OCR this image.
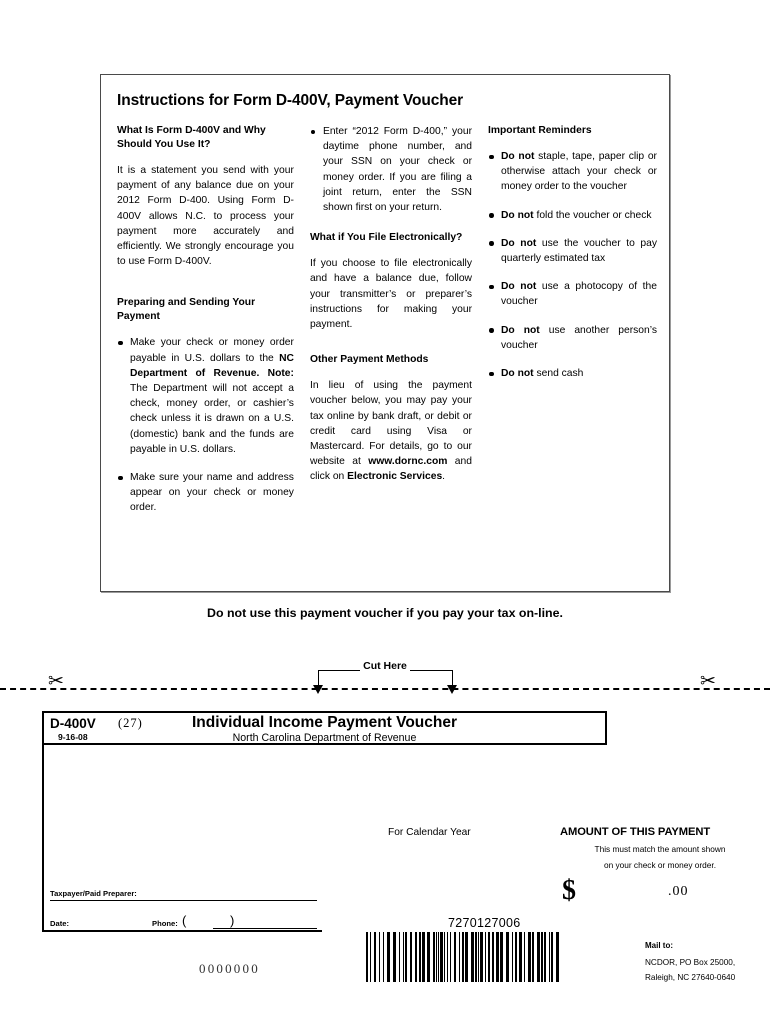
Instructions for Form D-400V, Payment Voucher
What Is Form D-400V and Why Should You Use It?
It is a statement you send with your payment of any balance due on your 2012 Form D-400. Using Form D-400V allows N.C. to process your payment more accurately and efficiently. We strongly encourage you to use Form D-400V.
Preparing and Sending Your Payment
Make your check or money order payable in U.S. dollars to the NC Department of Revenue. Note: The Department will not accept a check, money order, or cashier’s check unless it is drawn on a U.S. (domestic) bank and the funds are payable in U.S. dollars.
Make sure your name and address appear on your check or money order.
Enter “2012 Form D-400,” your daytime phone number, and your SSN on your check or money order. If you are filing a joint return, enter the SSN shown first on your return.
What if You File Electronically?
If you choose to file electronically and have a balance due, follow your transmitter’s or preparer’s instructions for making your payment.
Other Payment Methods
In lieu of using the payment voucher below, you may pay your tax online by bank draft, or debit or credit card using Visa or Mastercard. For details, go to our website at www.dornc.com and click on Electronic Services.
Important Reminders
Do not staple, tape, paper clip or otherwise attach your check or money order to the voucher
Do not fold the voucher or check
Do not use the voucher to pay quarterly estimated tax
Do not use a photocopy of the voucher
Do not use another person’s voucher
Do not send cash
Do not use this payment voucher if you pay your tax on-line.
Cut Here
✂	✂
D-400V (27)
9-16-08
Individual Income Payment Voucher
North Carolina Department of Revenue
Taxpayer/Paid Preparer:
Date:	Phone: ( )
For Calendar Year	AMOUNT OF THIS PAYMENT
This must match the amount shown
on your check or money order.
$	.00
0000000
7270127006
Mail to:
NCDOR, PO Box 25000,
Raleigh, NC 27640-0640
